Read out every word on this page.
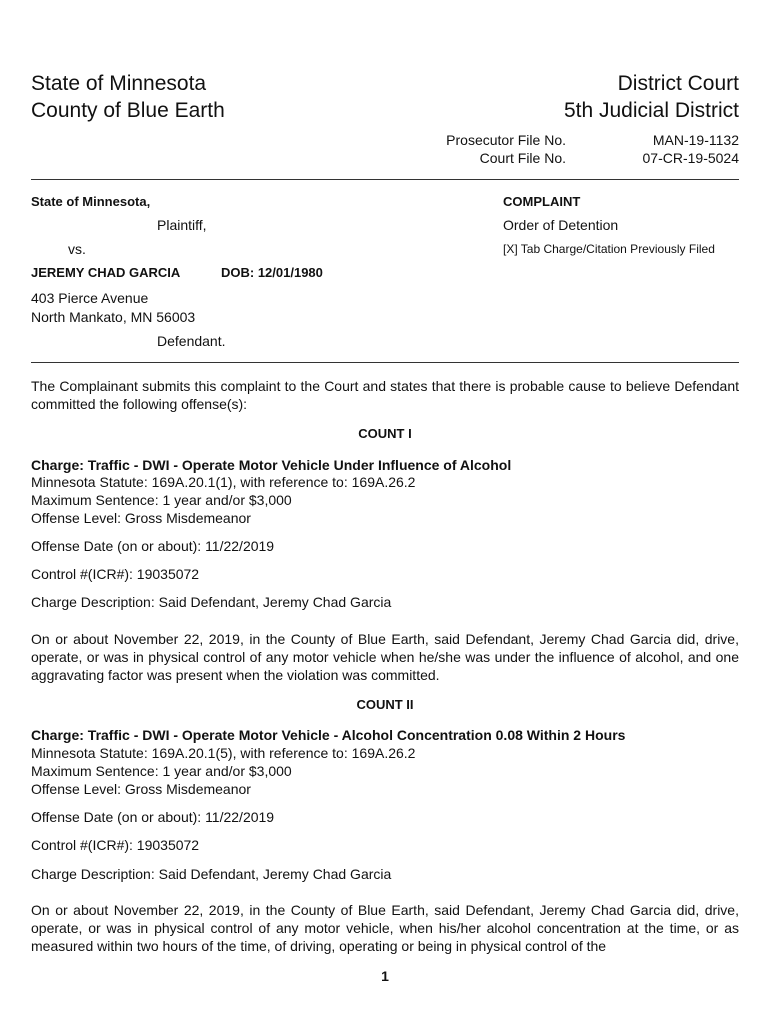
State of Minnesota
County of Blue Earth
District Court
5th Judicial District
Prosecutor File No.	MAN-19-1132
Court File No.	07-CR-19-5024
State of Minnesota,
Plaintiff,
vs.
JEREMY CHAD GARCIA	DOB: 12/01/1980
403 Pierce Avenue
North Mankato, MN 56003
Defendant.
COMPLAINT
Order of Detention
[X] Tab Charge/Citation Previously Filed
The Complainant submits this complaint to the Court and states that there is probable cause to believe Defendant committed the following offense(s):
COUNT I
Charge: Traffic - DWI - Operate Motor Vehicle Under Influence of Alcohol
Minnesota Statute: 169A.20.1(1), with reference to: 169A.26.2
Maximum Sentence: 1 year and/or $3,000
Offense Level: Gross Misdemeanor
Offense Date (on or about): 11/22/2019
Control #(ICR#): 19035072
Charge Description: Said Defendant, Jeremy Chad Garcia
On or about November 22, 2019, in the County of Blue Earth, said Defendant, Jeremy Chad Garcia did, drive, operate, or was in physical control of any motor vehicle when he/she was under the influence of alcohol, and one aggravating factor was present when the violation was committed.
COUNT II
Charge: Traffic - DWI - Operate Motor Vehicle - Alcohol Concentration 0.08 Within 2 Hours
Minnesota Statute: 169A.20.1(5), with reference to: 169A.26.2
Maximum Sentence: 1 year and/or $3,000
Offense Level: Gross Misdemeanor
Offense Date (on or about): 11/22/2019
Control #(ICR#): 19035072
Charge Description: Said Defendant, Jeremy Chad Garcia
On or about November 22, 2019, in the County of Blue Earth, said Defendant, Jeremy Chad Garcia did, drive, operate, or was in physical control of any motor vehicle, when his/her alcohol concentration at the time, or as measured within two hours of the time, of driving, operating or being in physical control of the
1
